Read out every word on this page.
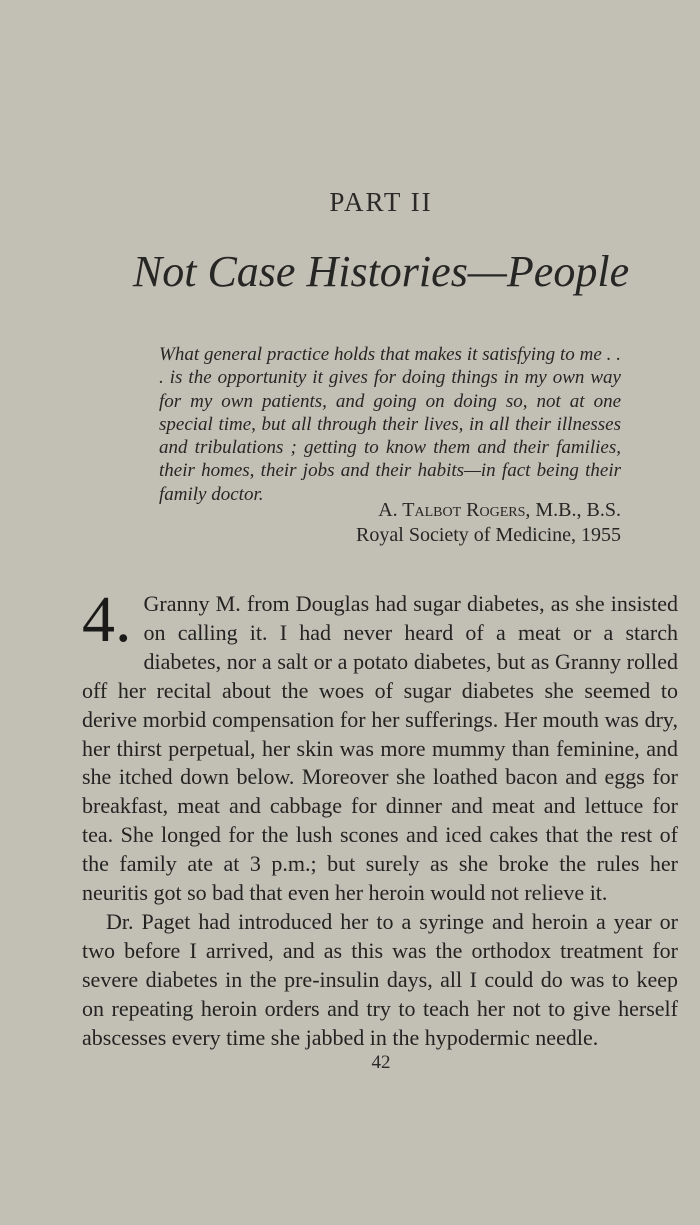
PART II
Not Case Histories—People
What general practice holds that makes it satisfying to me . . . is the opportunity it gives for doing things in my own way for my own patients, and going on doing so, not at one special time, but all through their lives, in all their illnesses and tribulations ; getting to know them and their families, their homes, their jobs and their habits—in fact being their family doctor.
A. Talbot Rogers, M.B., B.S.
Royal Society of Medicine, 1955
4. Granny M. from Douglas had sugar diabetes, as she insisted on calling it. I had never heard of a meat or a starch diabetes, nor a salt or a potato diabetes, but as Granny rolled off her recital about the woes of sugar diabetes she seemed to derive morbid compensation for her sufferings. Her mouth was dry, her thirst perpetual, her skin was more mummy than feminine, and she itched down below. Moreover she loathed bacon and eggs for breakfast, meat and cabbage for dinner and meat and lettuce for tea. She longed for the lush scones and iced cakes that the rest of the family ate at 3 p.m.; but surely as she broke the rules her neuritis got so bad that even her heroin would not relieve it.

Dr. Paget had introduced her to a syringe and heroin a year or two before I arrived, and as this was the orthodox treatment for severe diabetes in the pre-insulin days, all I could do was to keep on repeating heroin orders and try to teach her not to give herself abscesses every time she jabbed in the hypodermic needle.

42
